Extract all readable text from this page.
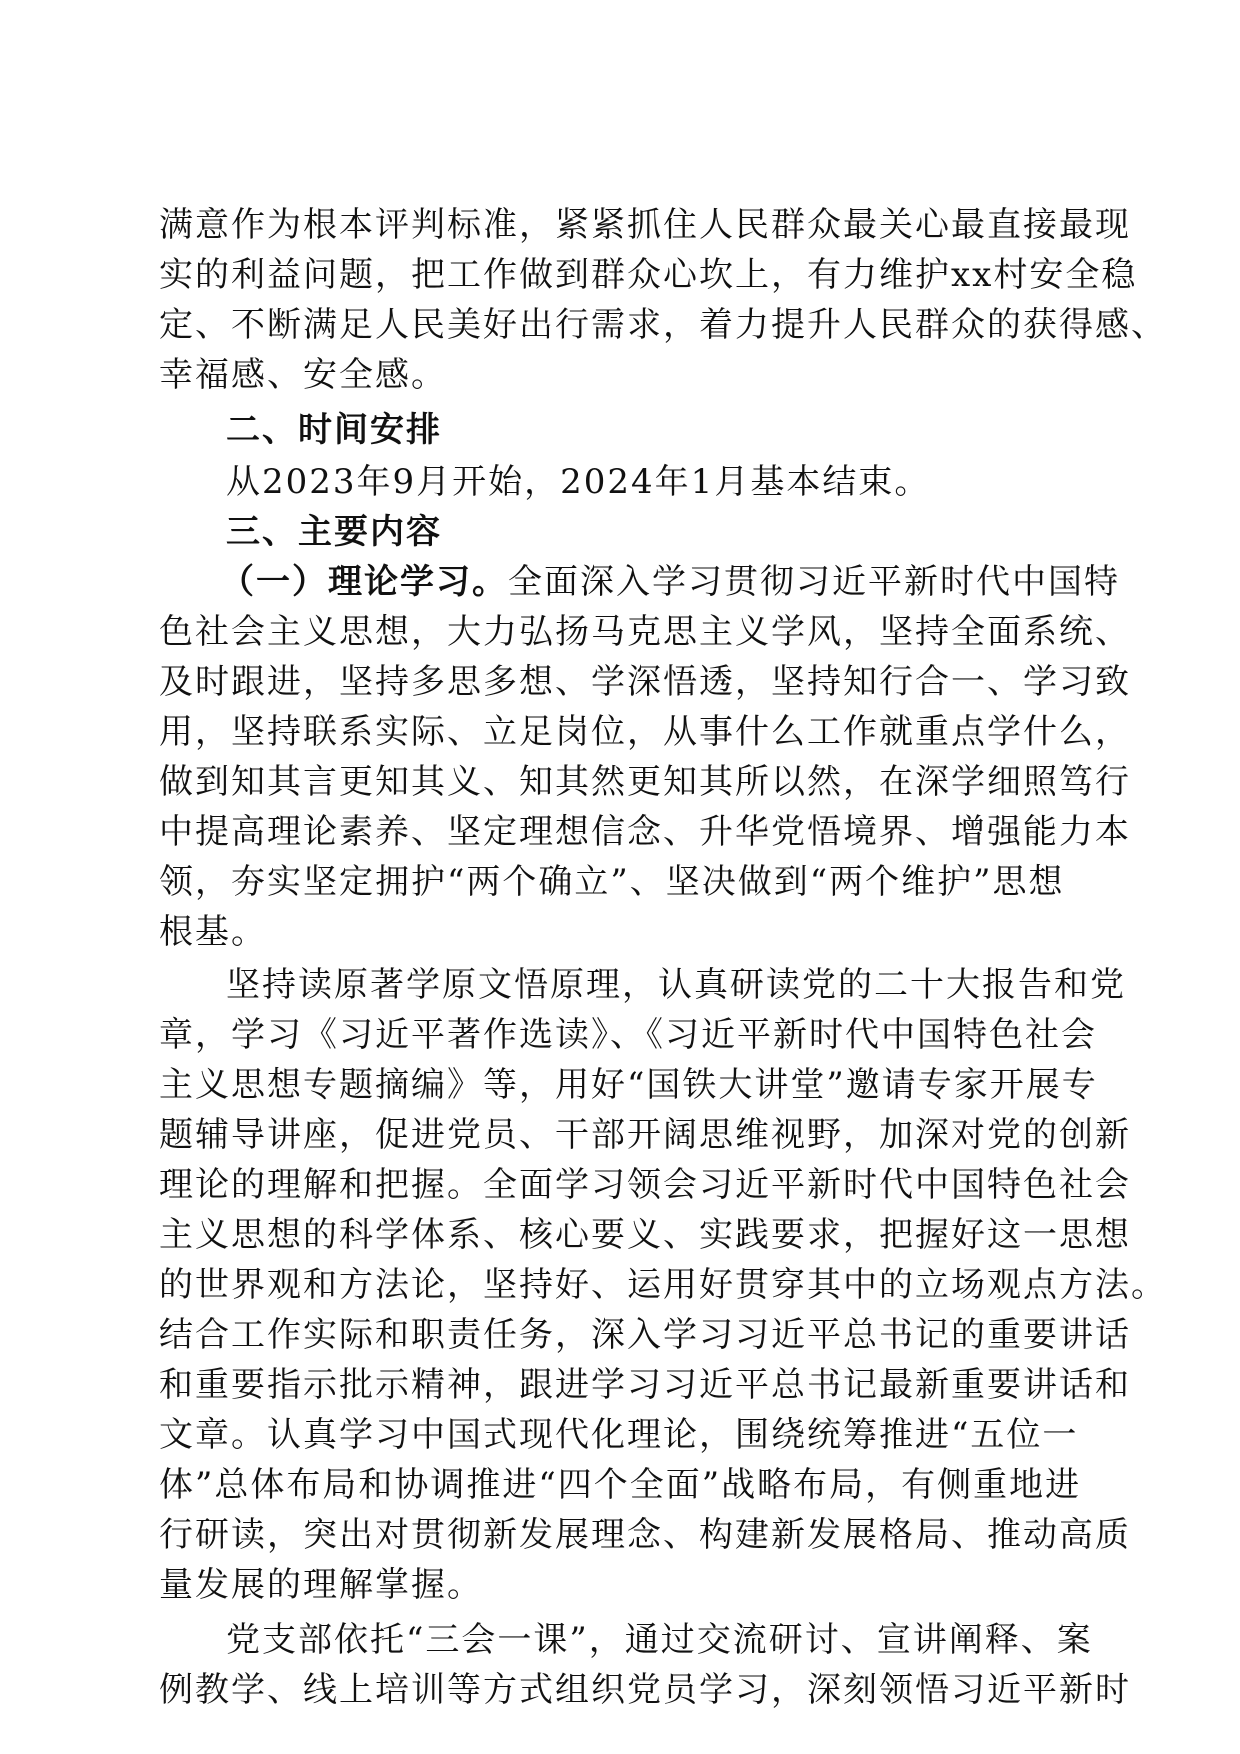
满意作为根本评判标准，紧紧抓住人民群众最关心最直接最现
实的利益问题，把工作做到群众心坎上，有力维护xx村安全稳
定、不断满足人民美好出行需求，着力提升人民群众的获得感、
幸福感、安全感。
二、时间安排
从2023年9月开始，2024年1月基本结束。
三、主要内容
（一）理论学习。全面深入学习贯彻习近平新时代中国特
色社会主义思想，大力弘扬马克思主义学风，坚持全面系统、
及时跟进，坚持多思多想、学深悟透，坚持知行合一、学习致
用，坚持联系实际、立足岗位，从事什么工作就重点学什么，
做到知其言更知其义、知其然更知其所以然，在深学细照笃行
中提高理论素养、坚定理想信念、升华党悟境界、增强能力本
领，夯实坚定拥护“两个确立”、坚决做到“两个维护”思想
根基。
坚持读原著学原文悟原理，认真研读党的二十大报告和党
章，学习《习近平著作选读》、《习近平新时代中国特色社会
主义思想专题摘编》等，用好“国铁大讲堂”邀请专家开展专
题辅导讲座，促进党员、干部开阔思维视野，加深对党的创新
理论的理解和把握。全面学习领会习近平新时代中国特色社会
主义思想的科学体系、核心要义、实践要求，把握好这一思想
的世界观和方法论，坚持好、运用好贯穿其中的立场观点方法。
结合工作实际和职责任务，深入学习习近平总书记的重要讲话
和重要指示批示精神，跟进学习习近平总书记最新重要讲话和
文章。认真学习中国式现代化理论，围绕统筹推进“五位一
体”总体布局和协调推进“四个全面”战略布局，有侧重地进
行研读，突出对贯彻新发展理念、构建新发展格局、推动高质
量发展的理解掌握。
党支部依托“三会一课”，通过交流研讨、宣讲阐释、案
例教学、线上培训等方式组织党员学习，深刻领悟习近平新时
